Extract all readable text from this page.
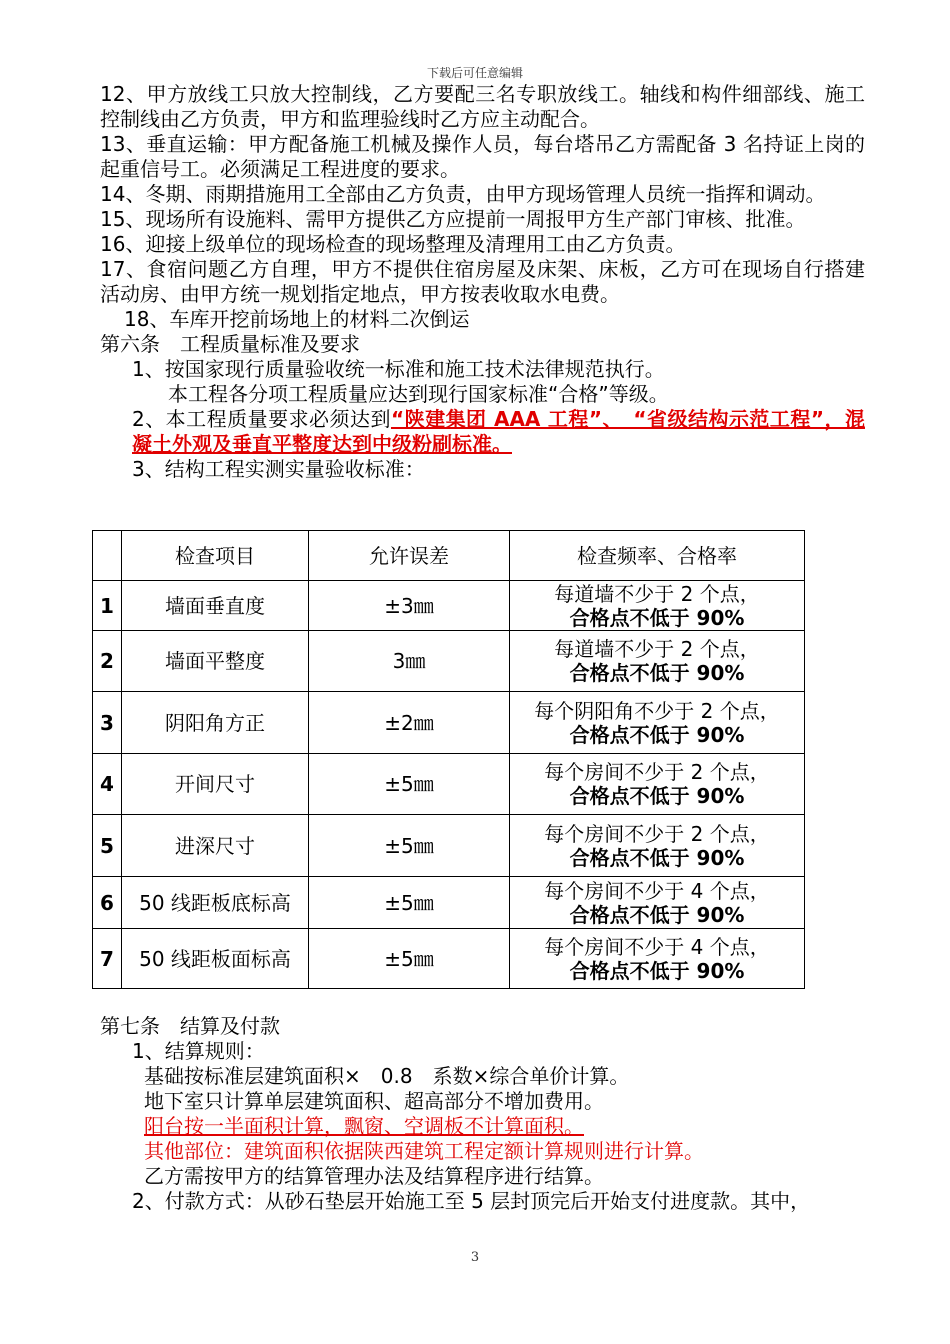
下载后可任意编辑
12、甲方放线工只放大控制线，乙方要配三名专职放线工。轴线和构件细部线、施工控制线由乙方负责，甲方和监理验线时乙方应主动配合。
13、垂直运输：甲方配备施工机械及操作人员，每台塔吊乙方需配备 3 名持证上岗的起重信号工。必须满足工程进度的要求。
14、冬期、雨期措施用工全部由乙方负责，由甲方现场管理人员统一指挥和调动。
15、现场所有设施料、需甲方提供乙方应提前一周报甲方生产部门审核、批准。
16、迎接上级单位的现场检查的现场整理及清理用工由乙方负责。
17、食宿问题乙方自理，甲方不提供住宿房屋及床架、床板，乙方可在现场自行搭建活动房、由甲方统一规划指定地点，甲方按表收取水电费。
18、车库开挖前场地上的材料二次倒运
第六条　工程质量标准及要求
1、按国家现行质量验收统一标准和施工技术法律规范执行。
本工程各分项工程质量应达到现行国家标准“合格”等级。
2、本工程质量要求必须达到“陕建集团 AAA 工程”、　“省级结构示范工程”，混凝土外观及垂直平整度达到中级粉刷标准。
3、结构工程实测实量验收标准：
	检查项目	允许误差	检查频率、合格率
1	墙面垂直度	±3㎜	每道墙不少于 2 个点，
合格点不低于 90%

2	墙面平整度	3㎜	每道墙不少于 2 个点，
合格点不低于 90%

3	阴阳角方正	±2㎜	每个阴阳角不少于 2 个点，
合格点不低于 90%

4	开间尺寸	±5㎜	每个房间不少于 2 个点，
合格点不低于 90%

5	进深尺寸	±5㎜	每个房间不少于 2 个点，
合格点不低于 90%

6	50 线距板底标高	±5㎜	每个房间不少于 4 个点，
合格点不低于 90%

7	50 线距板面标高	±5㎜	每个房间不少于 4 个点，
合格点不低于 90%
第七条　结算及付款
1、结算规则：
基础按标准层建筑面积×　0.8　系数×综合单价计算。
地下室只计算单层建筑面积、超高部分不增加费用。
阳台按一半面积计算，飘窗、空调板不计算面积。
其他部位：建筑面积依据陕西建筑工程定额计算规则进行计算。
乙方需按甲方的结算管理办法及结算程序进行结算。
2、付款方式：从砂石垫层开始施工至 5 层封顶完后开始支付进度款。其中，
3
